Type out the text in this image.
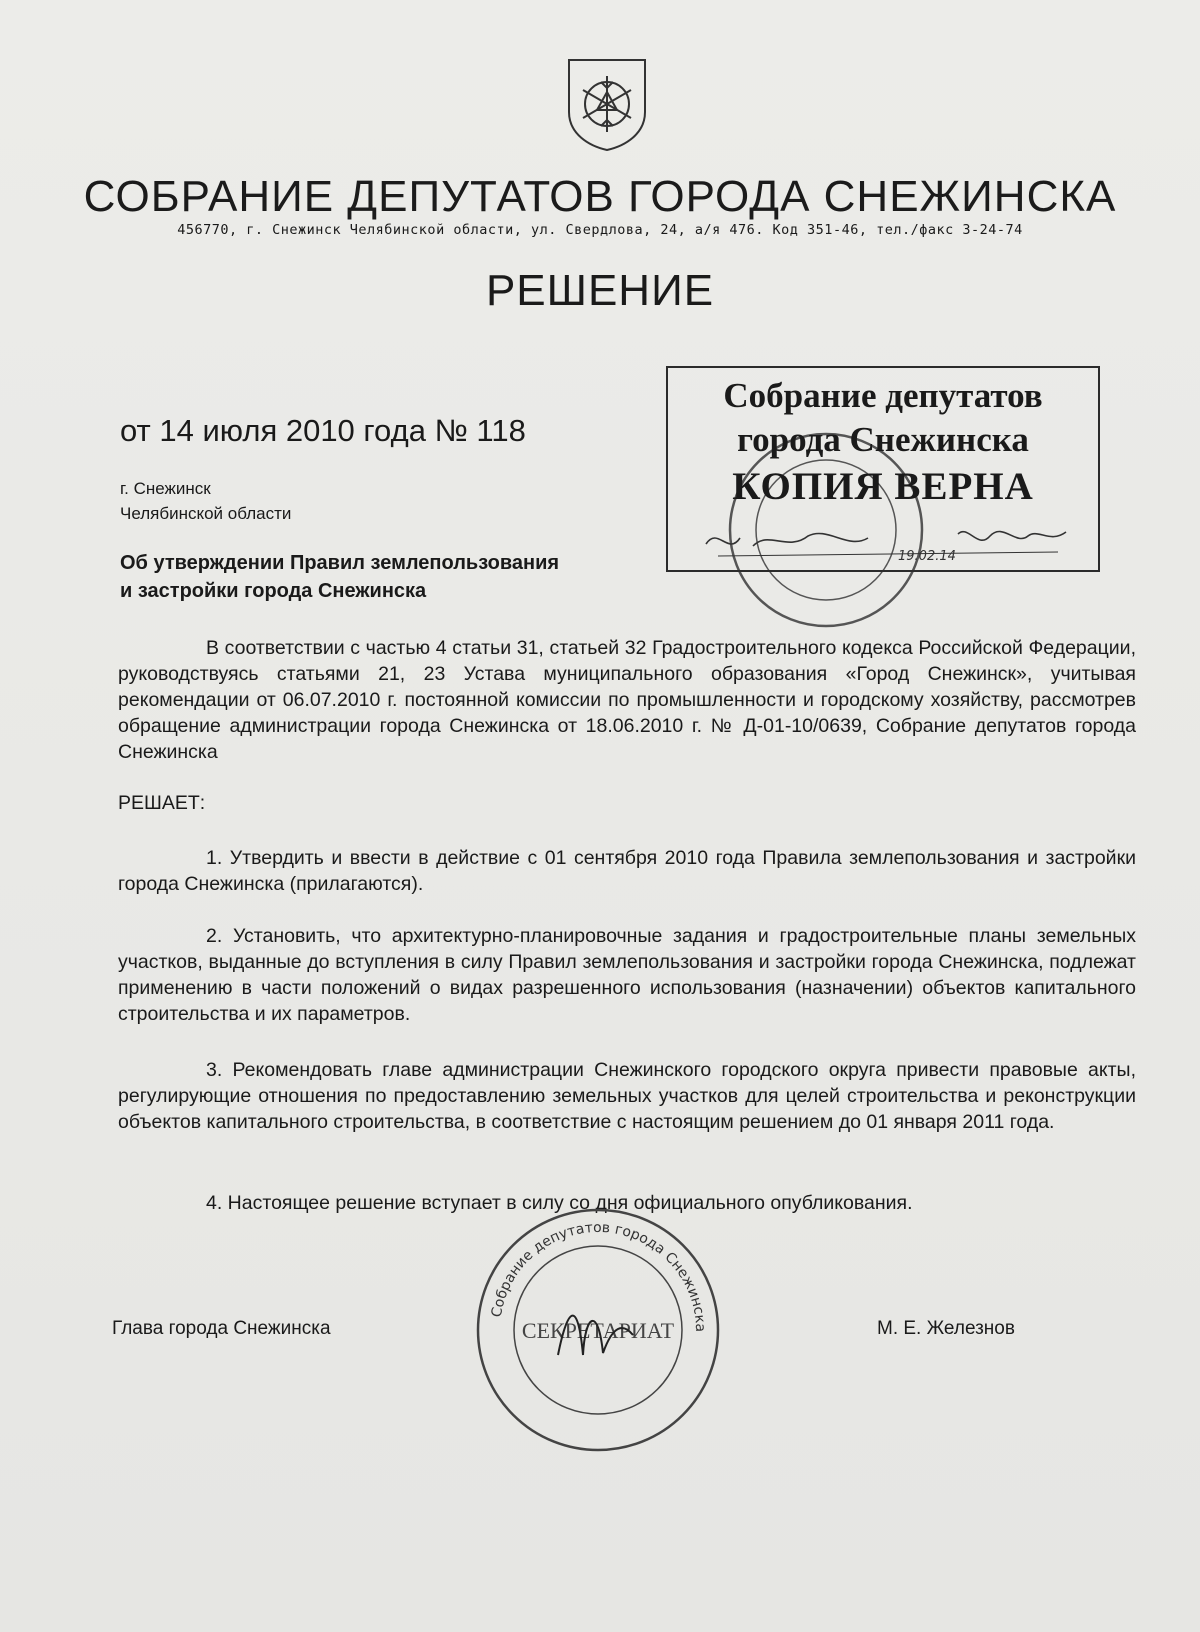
СОБРАНИЕ ДЕПУТАТОВ ГОРОДА СНЕЖИНСКА
456770, г. Снежинск Челябинской области, ул. Свердлова, 24, а/я 476. Код 351-46, тел./факс 3-24-74
РЕШЕНИЕ
от 14 июля 2010 года № 118
г. Снежинск
Челябинской области
Об утверждении Правил землепользования
и застройки города Снежинска
В соответствии с частью 4 статьи 31, статьей 32 Градостроительного кодекса Российской Федерации, руководствуясь статьями 21, 23 Устава муниципального образования «Город Снежинск», учитывая рекомендации от 06.07.2010 г. постоянной комиссии по промышленности и городскому хозяйству, рассмотрев обращение администрации города Снежинска от 18.06.2010 г. № Д-01-10/0639, Собрание депутатов города Снежинска
РЕШАЕТ:
1. Утвердить и ввести в действие с 01 сентября 2010 года Правила землепользования и застройки города Снежинска (прилагаются).
2. Установить, что архитектурно-планировочные задания и градостроительные планы земельных участков, выданные до вступления в силу Правил землепользования и застройки города Снежинска, подлежат применению в части положений о видах разрешенного использования (назначении) объектов капитального строительства и их параметров.
3. Рекомендовать главе администрации Снежинского городского округа привести правовые акты, регулирующие отношения по предоставлению земельных участков для целей строительства и реконструкции объектов капитального строительства, в соответствие с настоящим решением до 01 января 2011 года.
4. Настоящее решение вступает в силу со дня официального опубликования.
Глава города Снежинска	М. Е. Железнов
Собрание депутатов
города Снежинска
КОПИЯ ВЕРНА
19.02.14
Собрание депутатов города Снежинска
СЕКРЕТАРИАТ
